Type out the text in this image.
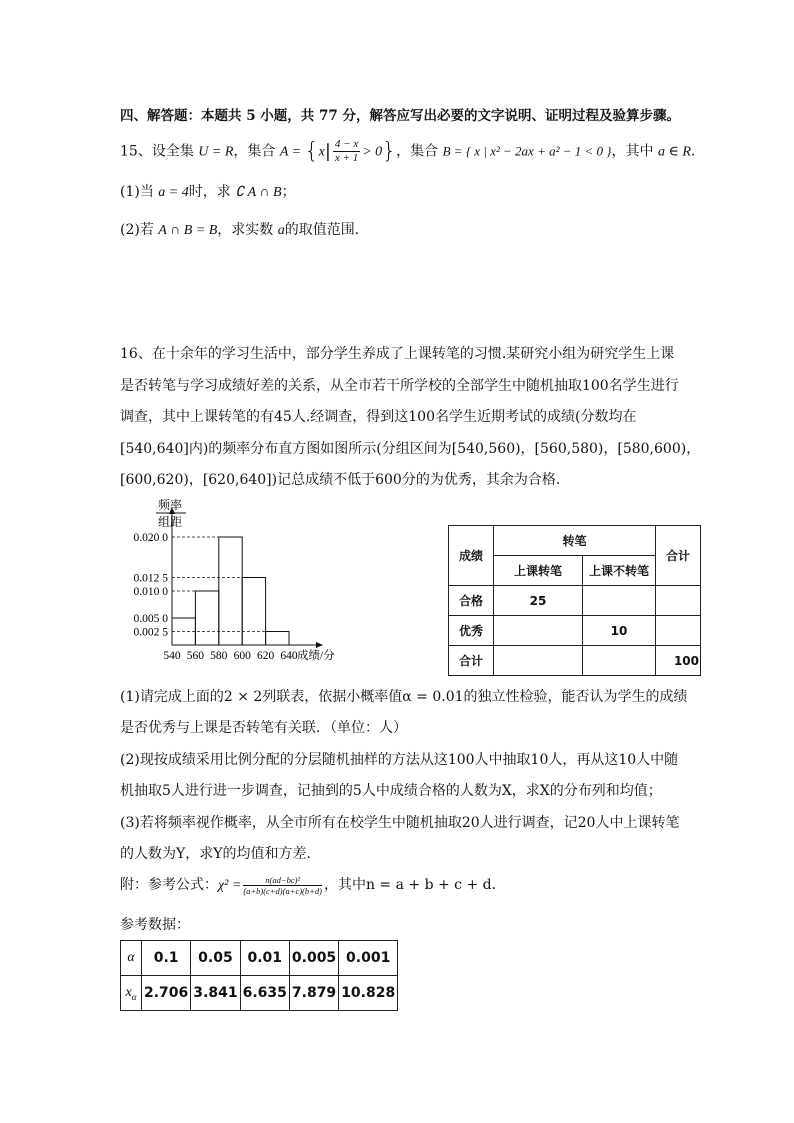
四、解答题：本题共 5 小题，共 77 分，解答应写出必要的文字说明、证明过程及验算步骤。
15、设全集 U = R，集合 $A = \{x| \frac{4 - x}{x + 1} > 0\}$，集合 B = { x | x² − 2ax + a² − 1 < 0 }，其中 a ∈ R．
(1)当 a = 4时，求 ∁ A ∩ B；
(2)若 A ∩ B = B，求实数 a的取值范围．
16、在十余年的学习生活中，部分学生养成了上课转笔的习惯.某研究小组为研究学生上课
是否转笔与学习成绩好差的关系，从全市若干所学校的全部学生中随机抽取100名学生进行
调查，其中上课转笔的有45人.经调查，得到这100名学生近期考试的成绩(分数均在
[540,640]内)的频率分布直方图如图所示(分组区间为[540,560)，[560,580)，[580,600)，
[600,620)，[620,640])记总成绩不低于600分的为优秀，其余为合格．
频率
组距
0.002 5
0.005 0
0.010 0
0.012 5
0.020 0
540 560 580 600 620 640 成绩/分
成绩	转笔		合计
	上课转笔	上课不转笔	
合格	25		
优秀		10	
合计			100
(1)请完成上面的2 × 2列联表，依据小概率值α = 0.01的独立性检验，能否认为学生的成绩
是否优秀与上课是否转笔有关联．（单位：人）
(2)现按成绩采用比例分配的分层随机抽样的方法从这100人中抽取10人，再从这10人中随
机抽取5人进行进一步调查，记抽到的5人中成绩合格的人数为X，求X的分布列和均值；
(3)若将频率视作概率，从全市所有在校学生中随机抽取20人进行调查，记20人中上课转笔
的人数为Y，求Y的均值和方差．
附：参考公式：$\chi^2 = \frac{\text{n(ad−bc)²}}{(a+b)(c+d)(a+c)(b+d)}$ ，其中n = a + b + c + d．
参考数据：
α	0.1	0.05	0.01	0.005	0.001
$x_\alpha$	2.706	3.841	6.635	7.879	10.828
